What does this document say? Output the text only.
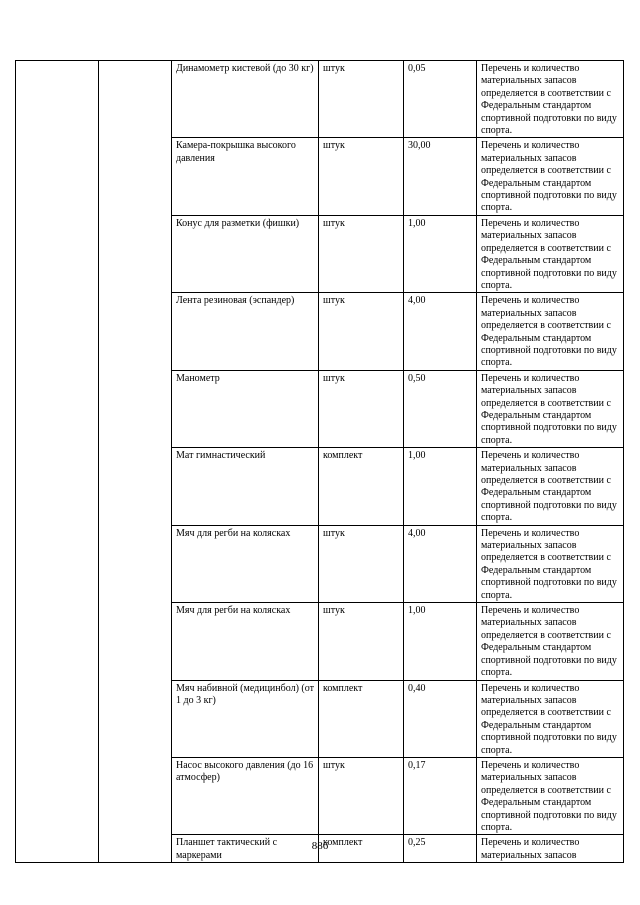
		Динамометр кистевой (до 30 кг)	штук	0,05	Перечень и количество материальных запасов определяется в соответствии с Федеральным стандартом спортивной подготовки по виду спорта.
		Камера-покрышка высокого давления	штук	30,00	Перечень и количество материальных запасов определяется в соответствии с Федеральным стандартом спортивной подготовки по виду спорта.
		Конус для разметки (фишки)	штук	1,00	Перечень и количество материальных запасов определяется в соответствии с Федеральным стандартом спортивной подготовки по виду спорта.
		Лента резиновая (эспандер)	штук	4,00	Перечень и количество материальных запасов определяется в соответствии с Федеральным стандартом спортивной подготовки по виду спорта.
		Манометр	штук	0,50	Перечень и количество материальных запасов определяется в соответствии с Федеральным стандартом спортивной подготовки по виду спорта.
		Мат гимнастический	комплект	1,00	Перечень и количество материальных запасов определяется в соответствии с Федеральным стандартом спортивной подготовки по виду спорта.
		Мяч для регби на колясках	штук	4,00	Перечень и количество материальных запасов определяется в соответствии с Федеральным стандартом спортивной подготовки по виду спорта.
		Мяч для регби на колясках	штук	1,00	Перечень и количество материальных запасов определяется в соответствии с Федеральным стандартом спортивной подготовки по виду спорта.
		Мяч набивной (медицинбол) (от 1 до 3 кг)	комплект	0,40	Перечень и количество материальных запасов определяется в соответствии с Федеральным стандартом спортивной подготовки по виду спорта.
		Насос высокого давления (до 16 атмосфер)	штук	0,17	Перечень и количество материальных запасов определяется в соответствии с Федеральным стандартом спортивной подготовки по виду спорта.
		Планшет тактический с маркерами	комплект	0,25	Перечень и количество материальных запасов
886
